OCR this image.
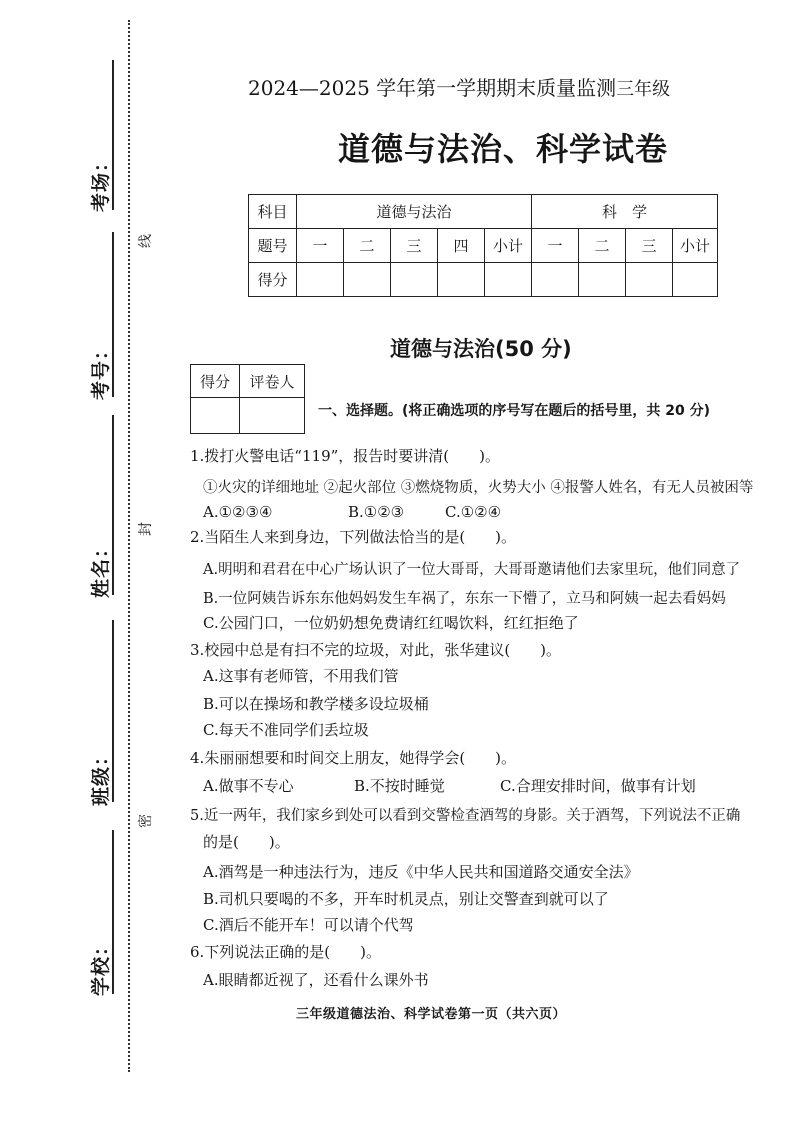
考场：
考号：
姓名：
班级：
学校：
线
封
密
2024—2025 学年第一学期期末质量监测三年级
道德与法治、科学试卷
科目	道德与法治					科　学			
题号	一	二	三	四	小计	一	二	三	小计
得分									
道德与法治(50 分)
得分	评卷人

一、选择题。(将正确选项的序号写在题后的括号里，共 20 分)
1.拨打火警电话“119”，报告时要讲清(　　)。
①火灾的详细地址 ②起火部位 ③燃烧物质，火势大小 ④报警人姓名，有无人员被困等
A.①②③④	B.①②③	C.①②④
2.当陌生人来到身边，下列做法恰当的是(　　)。
A.明明和君君在中心广场认识了一位大哥哥，大哥哥邀请他们去家里玩，他们同意了
B.一位阿姨告诉东东他妈妈发生车祸了，东东一下懵了，立马和阿姨一起去看妈妈
C.公园门口，一位奶奶想免费请红红喝饮料，红红拒绝了
3.校园中总是有扫不完的垃圾，对此，张华建议(　　)。
A.这事有老师管，不用我们管
B.可以在操场和教学楼多设垃圾桶
C.每天不准同学们丢垃圾
4.朱丽丽想要和时间交上朋友，她得学会(　　)。
A.做事不专心	B.不按时睡觉	C.合理安排时间，做事有计划
5.近一两年，我们家乡到处可以看到交警检查酒驾的身影。关于酒驾，下列说法不正确
的是(　　)。
A.酒驾是一种违法行为，违反《中华人民共和国道路交通安全法》
B.司机只要喝的不多，开车时机灵点，别让交警查到就可以了
C.酒后不能开车！可以请个代驾
6.下列说法正确的是(　　)。
A.眼睛都近视了，还看什么课外书
三年级道德法治、科学试卷第一页（共六页）
